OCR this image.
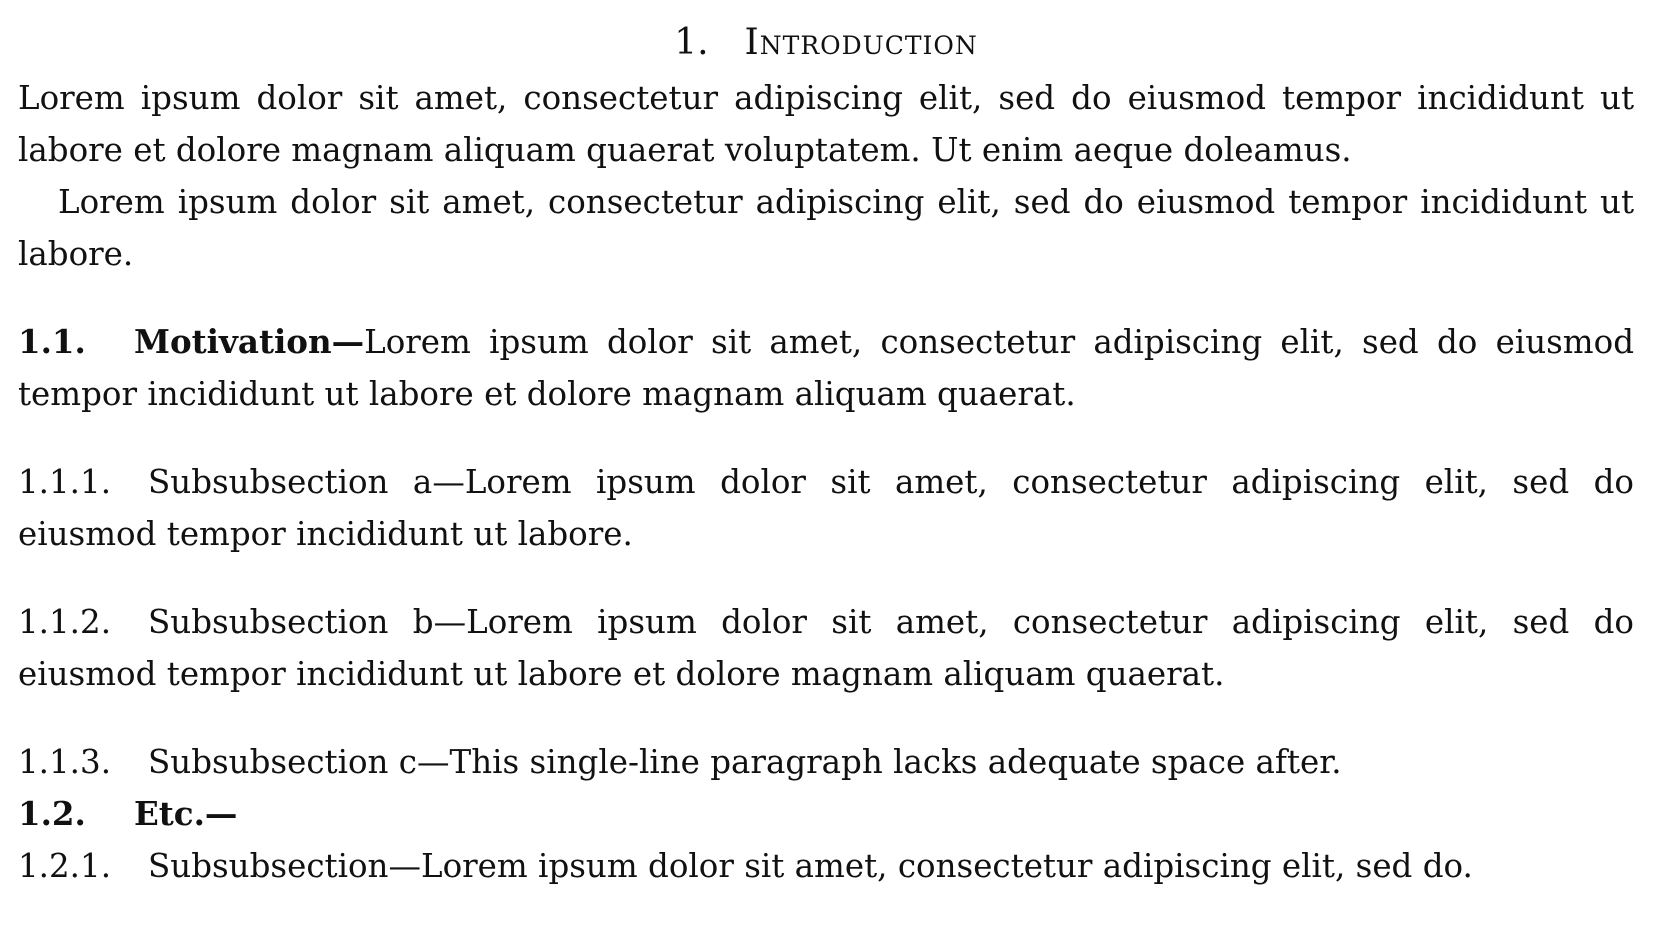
1. Introduction

Lorem ipsum dolor sit amet, consectetur adipiscing elit, sed do eiusmod tempor incididunt ut labore et dolore magnam aliquam quaerat voluptatem. Ut enim aeque doleamus.

Lorem ipsum dolor sit amet, consectetur adipiscing elit, sed do eiusmod tempor incididunt ut labore.

1.1. Motivation—Lorem ipsum dolor sit amet, consectetur adipiscing elit, sed do eiusmod tempor incididunt ut labore et dolore magnam aliquam quaerat.

1.1.1. Subsubsection a—Lorem ipsum dolor sit amet, consectetur adipiscing elit, sed do eiusmod tempor incididunt ut labore.

1.1.2. Subsubsection b—Lorem ipsum dolor sit amet, consectetur adipiscing elit, sed do eiusmod tempor incididunt ut labore et dolore magnam aliquam quaerat.

1.1.3. Subsubsection c—This single-line paragraph lacks adequate space after.

1.2. Etc.—

1.2.1. Subsubsection—Lorem ipsum dolor sit amet, consectetur adipiscing elit, sed do.
